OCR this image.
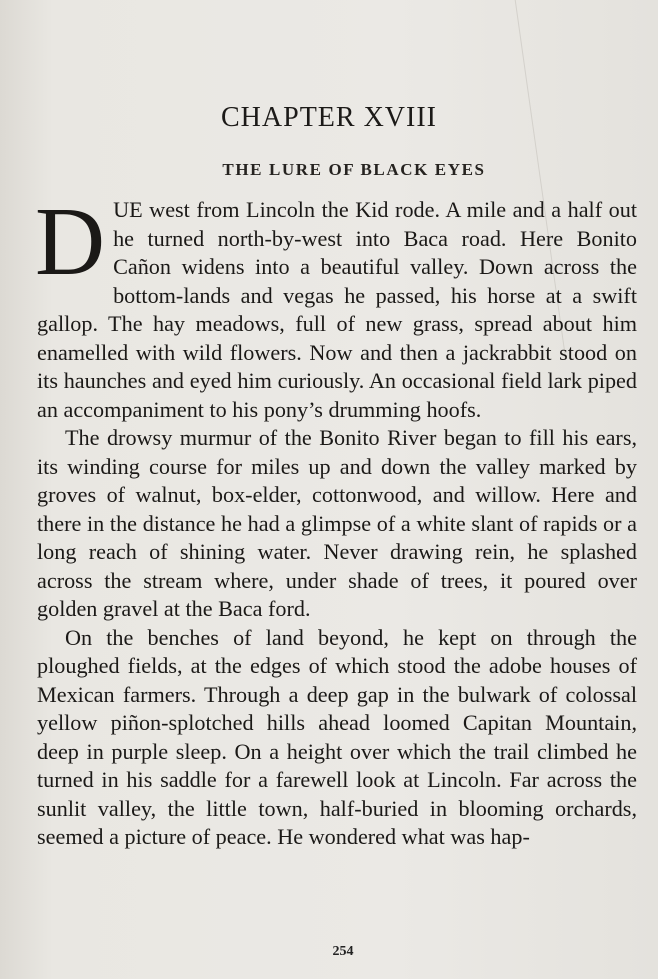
CHAPTER XVIII
THE LURE OF BLACK EYES

DUE west from Lincoln the Kid rode. A mile and a half out he turned north-by-west into Baca road. Here Bonito Cañon widens into a beautiful valley. Down across the bottom-lands and vegas he passed, his horse at a swift gallop. The hay meadows, full of new grass, spread about him enamelled with wild flowers. Now and then a jackrabbit stood on its haunches and eyed him curiously. An occasional field lark piped an accompaniment to his pony’s drumming hoofs.

The drowsy murmur of the Bonito River began to fill his ears, its winding course for miles up and down the valley marked by groves of walnut, box-elder, cottonwood, and willow. Here and there in the distance he had a glimpse of a white slant of rapids or a long reach of shining water. Never drawing rein, he splashed across the stream where, under shade of trees, it poured over golden gravel at the Baca ford.

On the benches of land beyond, he kept on through the ploughed fields, at the edges of which stood the adobe houses of Mexican farmers. Through a deep gap in the bulwark of colossal yellow piñon-splotched hills ahead loomed Capitan Mountain, deep in purple sleep. On a height over which the trail climbed he turned in his saddle for a farewell look at Lincoln. Far across the sunlit valley, the little town, half-buried in blooming orchards, seemed a picture of peace. He wondered what was hap-

254
